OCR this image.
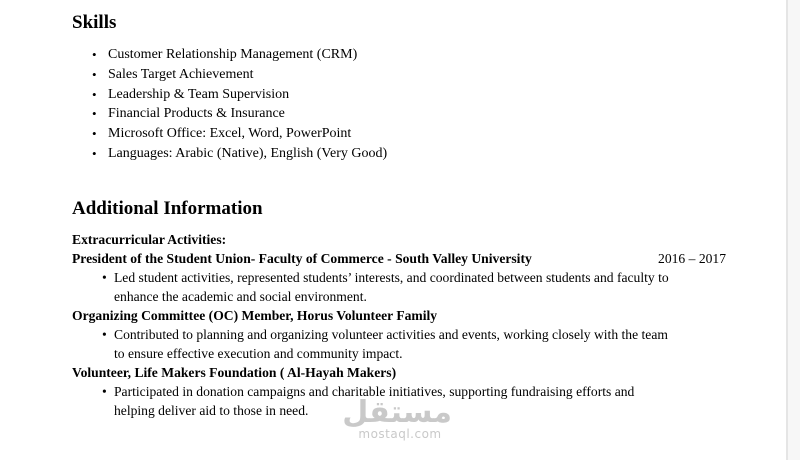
Skills
• Customer Relationship Management (CRM)
• Sales Target Achievement
• Leadership & Team Supervision
• Financial Products & Insurance
• Microsoft Office: Excel, Word, PowerPoint
• Languages: Arabic (Native), English (Very Good)
Additional Information
Extracurricular Activities:
President of the Student Union- Faculty of Commerce - South Valley University	2016 – 2017
• Led student activities, represented students’ interests, and coordinated between students and faculty to
enhance the academic and social environment.
Organizing Committee (OC) Member, Horus Volunteer Family
• Contributed to planning and organizing volunteer activities and events, working closely with the team
to ensure effective execution and community impact.
Volunteer, Life Makers Foundation ( Al-Hayah Makers)
• Participated in donation campaigns and charitable initiatives, supporting fundraising efforts and
helping deliver aid to those in need.	مستقل
mostaql.com
